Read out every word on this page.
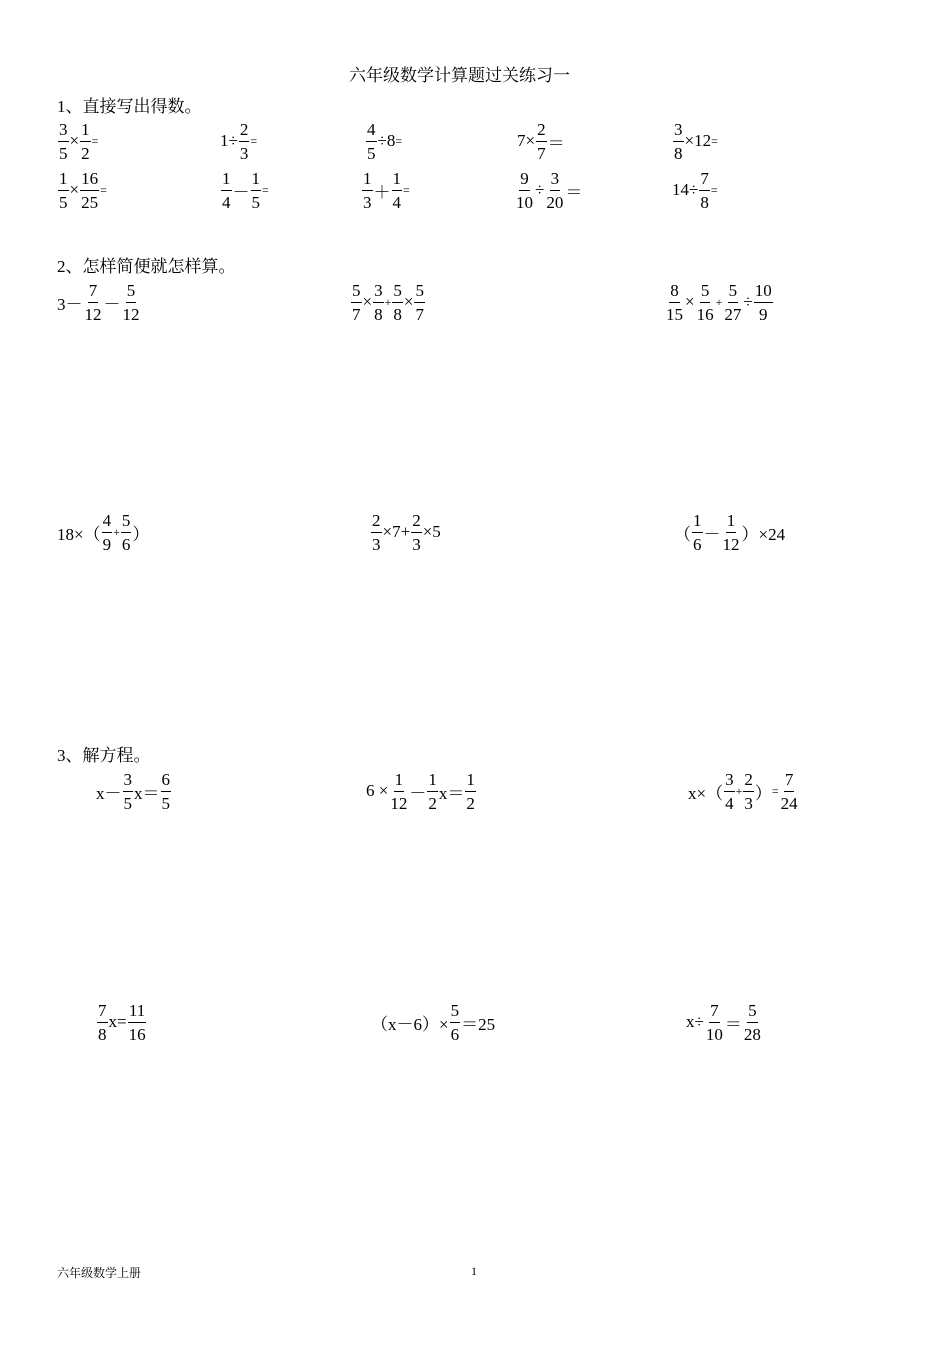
六年级数学计算题过关练习一
1、直接写出得数。
2、怎样简便就怎样算。
3、解方程。
$\frac{3}{5} \times \frac{1}{2}$ =	$1\div \frac{2}{3}$ =	$\frac{4}{5} \div 8$ =	$7\times \frac{2}{7}$ ＝	$\frac{3}{8} \times 12$ =
$\frac{1}{5} \times \frac{16}{25}$ =	$\frac{1}{4} - \frac{1}{5}$ =	$\frac{1}{3} + \frac{1}{4}$ =	$\frac{9}{10} \div \frac{3}{20}$ ＝	$14\div \frac{7}{8}$ =
$3- \frac{7}{12} - \frac{5}{12}$	$\frac{5}{7} \times \frac{3}{8} + \frac{5}{8} \times \frac{5}{7}$	$\frac{8}{15} \times \frac{5}{16} + \frac{5}{27} \div \frac{10}{9}$
$18\times( \frac{4}{9} + \frac{5}{6}$ ）	$\frac{2}{3} \times 7+ \frac{2}{3} \times 5$	（ $\frac{1}{6} - \frac{1}{12} )\times 24$
$x- \frac{3}{5} x= \frac{6}{5}$	$6 \times \frac{1}{12} - \frac{1}{2} x= \frac{1}{2}$	$x\times( \frac{3}{4} + \frac{2}{3}$ ） = $\frac{7}{24}$
$\frac{7}{8} x= \frac{11}{16}$	$(x-6)\times \frac{5}{6} =25$	$x\div \frac{7}{10} = \frac{5}{28}$
六年级数学上册	1
